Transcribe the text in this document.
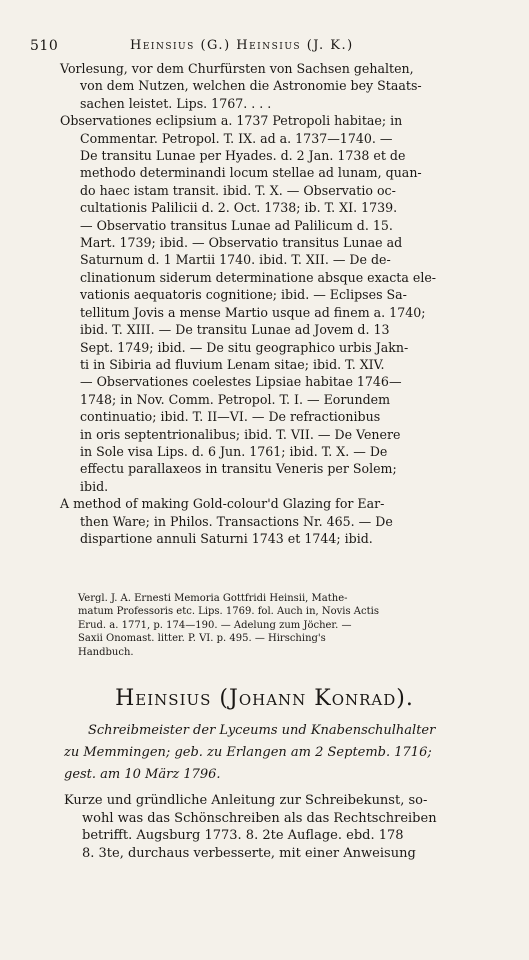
510	Heinsius (G.) Heinsius (J. K.)

Vorlesung, vor dem Churfürsten von Sachsen gehalten,
von dem Nutzen, welchen die Astronomie bey Staats-
sachen leistet. Lips. 1767. . . .

Observationes eclipsium a. 1737 Petropoli habitae; in
Commentar. Petropol. T. IX. ad a. 1737—1740. —
De transitu Lunae per Hyades. d. 2 Jan. 1738 et de
methodo determinandi locum stellae ad lunam, quan-
do haec istam transit. ibid. T. X. — Observatio oc-
cultationis Palilicii d. 2. Oct. 1738; ib. T. XI. 1739.
— Observatio transitus Lunae ad Palilicum d. 15.
Mart. 1739; ibid. — Observatio transitus Lunae ad
Saturnum d. 1 Martii 1740. ibid. T. XII. — De de-
clinationum siderum determinatione absque exacta ele-
vationis aequatoris cognitione; ibid. — Eclipses Sa-
tellitum Jovis a mense Martio usque ad finem a. 1740;
ibid. T. XIII. — De transitu Lunae ad Jovem d. 13
Sept. 1749; ibid. — De situ geographico urbis Jakn-
ti in Sibiria ad fluvium Lenam sitae; ibid. T. XIV.
— Observationes coelestes Lipsiae habitae 1746—
1748; in Nov. Comm. Petropol. T. I. — Eorundem
continuatio; ibid. T. II—VI. — De refractionibus
in oris septentrionalibus; ibid. T. VII. — De Venere
in Sole visa Lips. d. 6 Jun. 1761; ibid. T. X. — De
effectu parallaxeos in transitu Veneris per Solem;
ibid.

A method of making Gold-colour'd Glazing for Ear-
then Ware; in Philos. Transactions Nr. 465. — De
dispartione annuli Saturni 1743 et 1744; ibid.

Vergl. J. A. Ernesti Memoria Gottfridi Heinsii, Mathe-
matum Professoris etc. Lips. 1769. fol. Auch in, Novis Actis
Erud. a. 1771, p. 174—190. — Adelung zum Jöcher. —
Saxii Onomast. litter. P. VI. p. 495. — Hirsching's
Handbuch.
Heinsius (Johann Konrad).
Schreibmeister der Lyceums und Knabenschulhalter
zu Memmingen; geb. zu Erlangen am 2 Septemb. 1716;
gest. am 10 März 1796.
Kurze und gründliche Anleitung zur Schreibekunst, so-
wohl was das Schönschreiben als das Rechtschreiben
betrifft. Augsburg 1773. 8. 2te Auflage. ebd. 178
8. 3te, durchaus verbesserte, mit einer Anweisung
